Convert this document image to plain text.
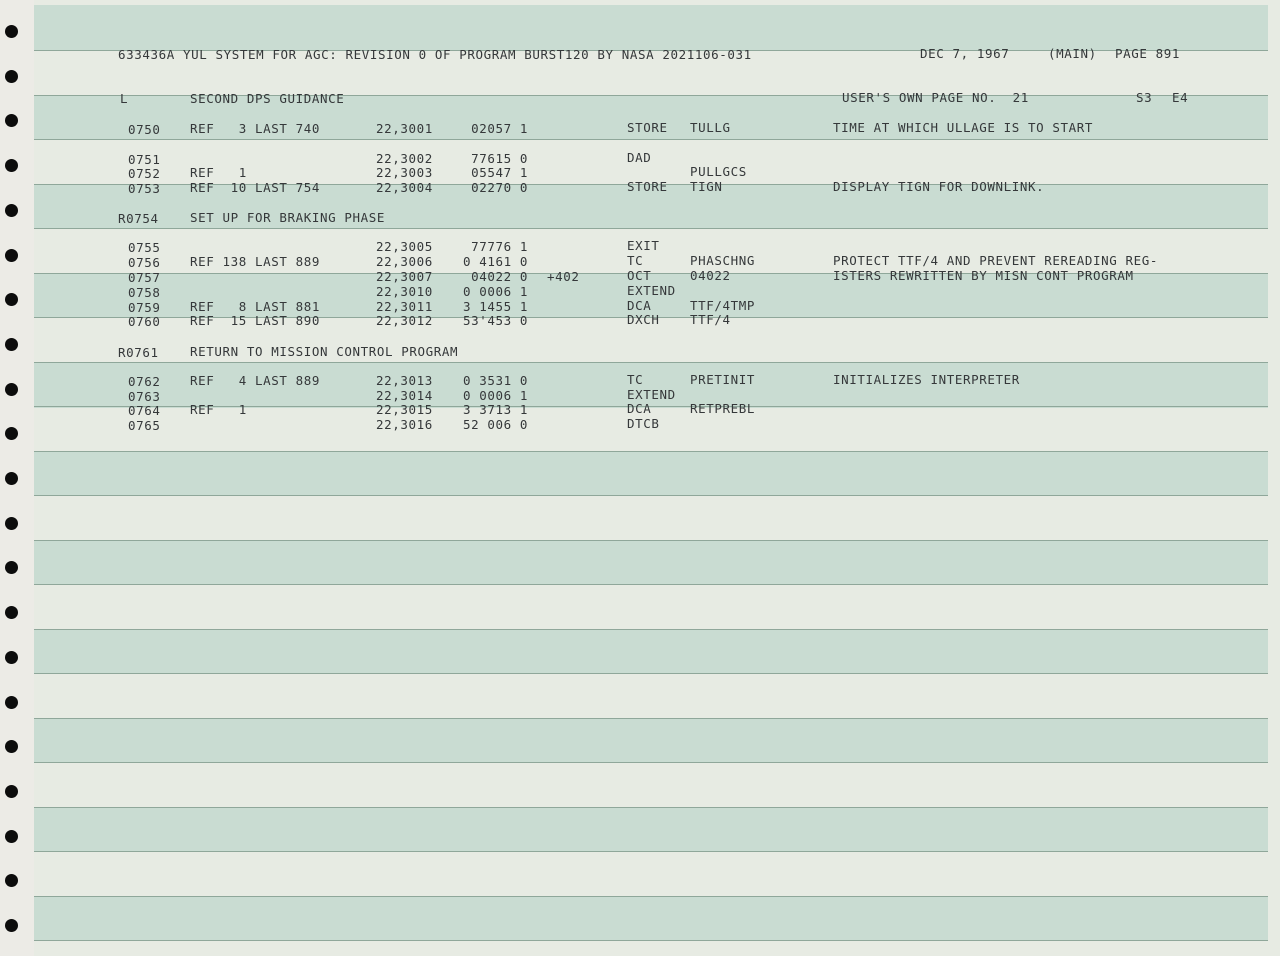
633436A YUL SYSTEM FOR AGC: REVISION 0 OF PROGRAM BURST120 BY NASA 2021106-031	DEC 7, 1967	(MAIN) PAGE 891
L	SECOND DPS GUIDANCE	USER'S OWN PAGE NO.  21	S3 E4
0750 REF   3 LAST 740	22,3001	02057 1	STORE TULLG	TIME AT WHICH ULLAGE IS TO START
0751	22,3002	77615 0	DAD
0752 REF   1	22,3003	05547 1	PULLGCS
0753 REF  10 LAST 754	22,3004	02270 0	STORE TIGN	DISPLAY TIGN FOR DOWNLINK.
R0754	SET UP FOR BRAKING PHASE
0755	22,3005	77776 1	EXIT
0756 REF 138 LAST 889	22,3006	0 4161 0	TC	PHASCHNG	PROTECT TTF/4 AND PREVENT REREADING REG-
0757	22,3007	04022 0 +402	OCT	04022	ISTERS REWRITTEN BY MISN CONT PROGRAM
0758	22,3010	0 0006 1	EXTEND
0759 REF   8 LAST 881	22,3011	3 1455 1	DCA	TTF/4TMP
0760 REF  15 LAST 890	22,3012	53'453 0	DXCH TTF/4
R0761	RETURN TO MISSION CONTROL PROGRAM
0762 REF   4 LAST 889	22,3013	0 3531 0	TC	PRETINIT	INITIALIZES INTERPRETER
0763	22,3014	0 0006 1	EXTEND
0764 REF   1	22,3015	3 3713 1	DCA	RETPREBL
0765	22,3016	52 006 0	DTCB
